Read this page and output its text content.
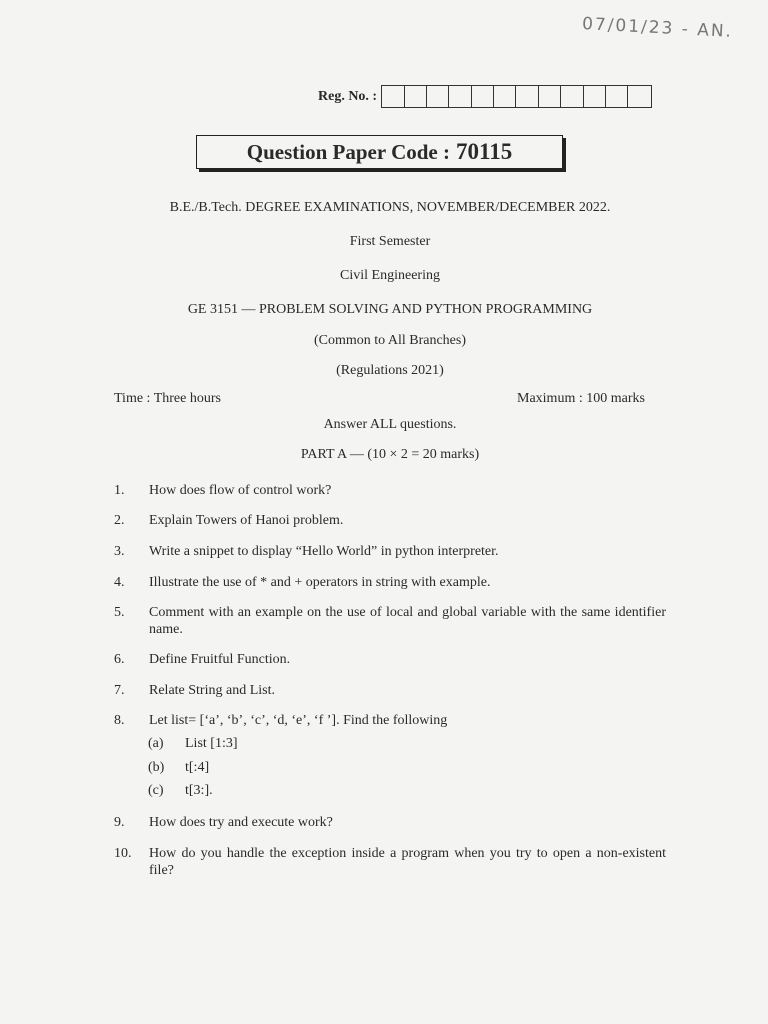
07/01/23 - AN.
Reg. No. :
Question Paper Code : 70115
B.E./B.Tech. DEGREE EXAMINATIONS, NOVEMBER/DECEMBER 2022.
First Semester
Civil Engineering
GE 3151 — PROBLEM SOLVING AND PYTHON PROGRAMMING
(Common to All Branches)
(Regulations 2021)
Time : Three hours	Maximum : 100 marks
Answer ALL questions.
PART A — (10 × 2 = 20 marks)
1. How does flow of control work?
2. Explain Towers of Hanoi problem.
3. Write a snippet to display “Hello World” in python interpreter.
4. Illustrate the use of * and + operators in string with example.
5. Comment with an example on the use of local and global variable with the same identifier name.
6. Define Fruitful Function.
7. Relate String and List.
8. Let list= [‘a’, ‘b’, ‘c’, ‘d, ‘e’, ‘f ’]. Find the following
(a) List [1:3]
(b) t[:4]
(c) t[3:].
9. How does try and execute work?
10. How do you handle the exception inside a program when you try to open a non-existent file?
